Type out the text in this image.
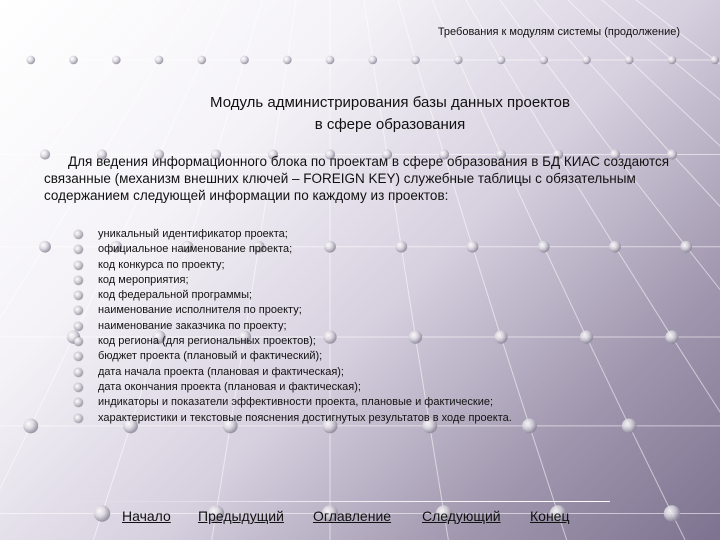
Требования к модулям системы (продолжение)
Модуль администрирования базы данных проектов
в сфере образования
Для ведения информационного блока по проектам в сфере образования в БД КИАС создаются связанные (механизм внешних ключей – FOREIGN KEY) служебные таблицы с обязательным содержанием следующей информации по каждому из проектов:
уникальный идентификатор проекта;
официальное наименование проекта;
код конкурса по проекту;
код мероприятия;
код федеральной программы;
наименование исполнителя по проекту;
наименование заказчика по проекту;
код региона (для региональных проектов);
бюджет проекта (плановый и фактический);
дата начала проекта (плановая и фактическая);
дата окончания проекта (плановая и фактическая);
индикаторы и показатели эффективности проекта, плановые и фактические;
характеристики и текстовые пояснения достигнутых результатов в ходе проекта.
Начало Предыдущий Оглавление Следующий Конец
